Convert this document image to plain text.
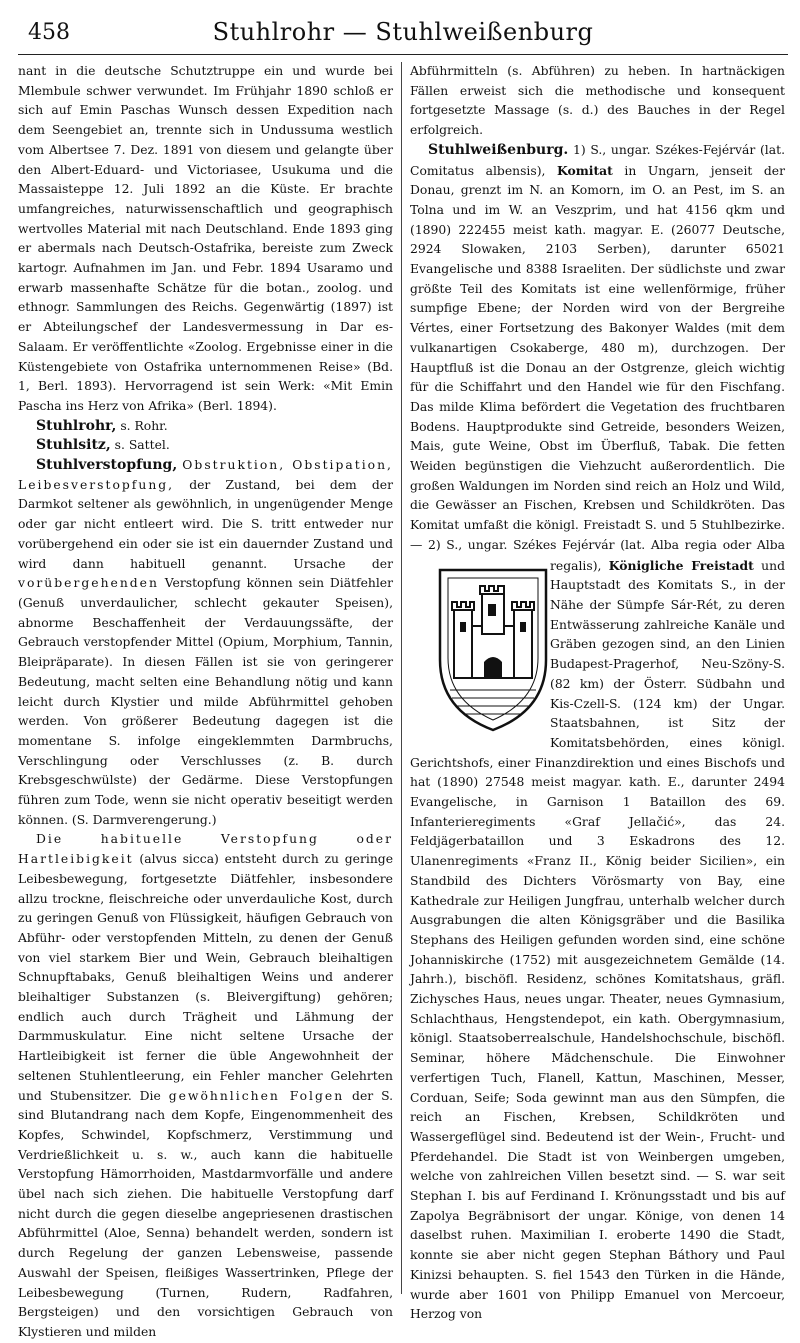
458	Stuhlrohr — Stuhlweißenburg

nant in die deutsche Schutztruppe ein und wurde bei Mlembule schwer verwundet. Im Frühjahr 1890 schloß er sich auf Emin Paschas Wunsch dessen Expedition nach dem Seengebiet an, trennte sich in Undussuma westlich vom Albertsee 7. Dez. 1891 von diesem und gelangte über den Albert-Eduard- und Victoriasee, Usukuma und die Massaisteppe 12. Juli 1892 an die Küste. Er brachte umfangreiches, naturwissenschaftlich und geographisch wertvolles Material mit nach Deutschland. Ende 1893 ging er abermals nach Deutsch-Ostafrika, bereiste zum Zweck kartogr. Aufnahmen im Jan. und Febr. 1894 Usaramo und erwarb massenhafte Schätze für die botan., zoolog. und ethnogr. Sammlungen des Reichs. Gegenwärtig (1897) ist er Abteilungschef der Landesvermessung in Dar es-Salaam. Er veröffentlichte «Zoolog. Ergebnisse einer in die Küstengebiete von Ostafrika unternommenen Reise» (Bd. 1, Berl. 1893). Hervorragend ist sein Werk: «Mit Emin Pascha ins Herz von Afrika» (Berl. 1894).

Stuhlrohr, s. Rohr.

Stuhlsitz, s. Sattel.

Stuhlverstopfung, Obstruktion, Obstipation, Leibesverstopfung, der Zustand, bei dem der Darmkot seltener als gewöhnlich, in ungenügender Menge oder gar nicht entleert wird. Die S. tritt entweder nur vorübergehend ein oder sie ist ein dauernder Zustand und wird dann habituell genannt. Ursache der vorübergehenden Verstopfung können sein Diätfehler (Genuß unverdaulicher, schlecht gekauter Speisen), abnorme Beschaffenheit der Verdauungssäfte, der Gebrauch verstopfender Mittel (Opium, Morphium, Tannin, Bleipräparate). In diesen Fällen ist sie von geringerer Bedeutung, macht selten eine Behandlung nötig und kann leicht durch Klystier und milde Abführmittel gehoben werden. Von größerer Bedeutung dagegen ist die momentane S. infolge eingeklemmten Darmbruchs, Verschlingung oder Verschlusses (z. B. durch Krebsgeschwülste) der Gedärme. Diese Verstopfungen führen zum Tode, wenn sie nicht operativ beseitigt werden können. (S. Darmverengerung.)

Die habituelle Verstopfung oder Hartleibigkeit (alvus sicca) entsteht durch zu geringe Leibesbewegung, fortgesetzte Diätfehler, insbesondere allzu trockne, fleischreiche oder unverdauliche Kost, durch zu geringen Genuß von Flüssigkeit, häufigen Gebrauch von Abführ- oder verstopfenden Mitteln, zu denen der Genuß von viel starkem Bier und Wein, Gebrauch bleihaltigen Schnupftabaks, Genuß bleihaltigen Weins und anderer bleihaltiger Substanzen (s. Bleivergiftung) gehören; endlich auch durch Trägheit und Lähmung der Darmmuskulatur. Eine nicht seltene Ursache der Hartleibigkeit ist ferner die üble Angewohnheit der seltenen Stuhlentleerung, ein Fehler mancher Gelehrten und Stubensitzer. Die gewöhnlichen Folgen der S. sind Blutandrang nach dem Kopfe, Eingenommenheit des Kopfes, Schwindel, Kopfschmerz, Verstimmung und Verdrießlichkeit u. s. w., auch kann die habituelle Verstopfung Hämorrhoiden, Mastdarmvorfälle und andere übel nach sich ziehen. Die habituelle Verstopfung darf nicht durch die gegen dieselbe angepriesenen drastischen Abführmittel (Aloe, Senna) behandelt werden, sondern ist durch Regelung der ganzen Lebensweise, passende Auswahl der Speisen, fleißiges Wassertrinken, Pflege der Leibesbewegung (Turnen, Rudern, Radfahren, Bergsteigen) und den vorsichtigen Gebrauch von Klystieren und milden

Abführmitteln (s. Abführen) zu heben. In hartnäckigen Fällen erweist sich die methodische und konsequent fortgesetzte Massage (s. d.) des Bauches in der Regel erfolgreich.

Stuhlweißenburg. 1) S., ungar. Székes-Fejérvár (lat. Comitatus albensis), Komitat in Ungarn, jenseit der Donau, grenzt im N. an Komorn, im O. an Pest, im S. an Tolna und im W. an Veszprim, und hat 4156 qkm und (1890) 222455 meist kath. magyar. E. (26077 Deutsche, 2924 Slowaken, 2103 Serben), darunter 65021 Evangelische und 8388 Israeliten. Der südlichste und zwar größte Teil des Komitats ist eine wellenförmige, früher sumpfige Ebene; der Norden wird von der Bergreihe Vértes, einer Fortsetzung des Bakonyer Waldes (mit dem vulkanartigen Csokaberge, 480 m), durchzogen. Der Hauptfluß ist die Donau an der Ostgrenze, gleich wichtig für die Schiffahrt und den Handel wie für den Fischfang. Das milde Klima befördert die Vegetation des fruchtbaren Bodens. Hauptprodukte sind Getreide, besonders Weizen, Mais, gute Weine, Obst im Überfluß, Tabak. Die fetten Weiden begünstigen die Viehzucht außerordentlich. Die großen Waldungen im Norden sind reich an Holz und Wild, die Gewässer an Fischen, Krebsen und Schildkröten. Das Komitat umfaßt die königl. Freistadt S. und 5 Stuhlbezirke. — 2) S., ungar. Székes Fejérvár (lat. Alba regia oder Alba regalis), Königliche Freistadt
und Hauptstadt des Komitats S., in der Nähe der Sümpfe Sár-Rét, zu deren Entwässerung zahlreiche Kanäle und Gräben gezogen sind, an den Linien Budapest-Pragerhof, Neu-Szöny-S. (82 km) der Österr. Südbahn und Kis-Czell-S. (124 km) der Ungar. Staatsbahnen, ist Sitz der Komitatsbehörden, eines königl. Gerichtshofs, einer Finanzdirektion und eines Bischofs und hat (1890) 27548 meist magyar. kath. E., darunter 2494 Evangelische, in Garnison 1 Bataillon des 69. Infanterieregiments «Graf Jellačić», das 24. Feldjägerbataillon und 3 Eskadrons des 12. Ulanenregiments «Franz II., König beider Sicilien», ein Standbild des Dichters Vörösmarty von Bay, eine Kathedrale zur Heiligen Jungfrau, unterhalb welcher durch Ausgrabungen die alten Königsgräber und die Basilika Stephans des Heiligen gefunden worden sind, eine schöne Johanniskirche (1752) mit ausgezeichnetem Gemälde (14. Jahrh.), bischöfl. Residenz, schönes Komitatshaus, gräfl. Zichysches Haus, neues ungar. Theater, neues Gymnasium, Schlachthaus, Hengstendepot, ein kath. Obergymnasium, königl. Staatsoberrealschule, Handelshochschule, bischöfl. Seminar, höhere Mädchenschule. Die Einwohner verfertigen Tuch, Flanell, Kattun, Maschinen, Messer, Corduan, Seife; Soda gewinnt man aus den Sümpfen, die reich an Fischen, Krebsen, Schildkröten und Wassergeflügel sind. Bedeutend ist der Wein-, Frucht- und Pferdehandel. Die Stadt ist von Weinbergen umgeben, welche von zahlreichen Villen besetzt sind. — S. war seit Stephan I. bis auf Ferdinand I. Krönungsstadt und bis auf Zapolya Begräbnisort der ungar. Könige, von denen 14 daselbst ruhen. Maximilian I. eroberte 1490 die Stadt, konnte sie aber nicht gegen Stephan Báthory und Paul Kinizsi behaupten. S. fiel 1543 den Türken in die Hände, wurde aber 1601 von Philipp Emanuel von Mercoeur, Herzog von
